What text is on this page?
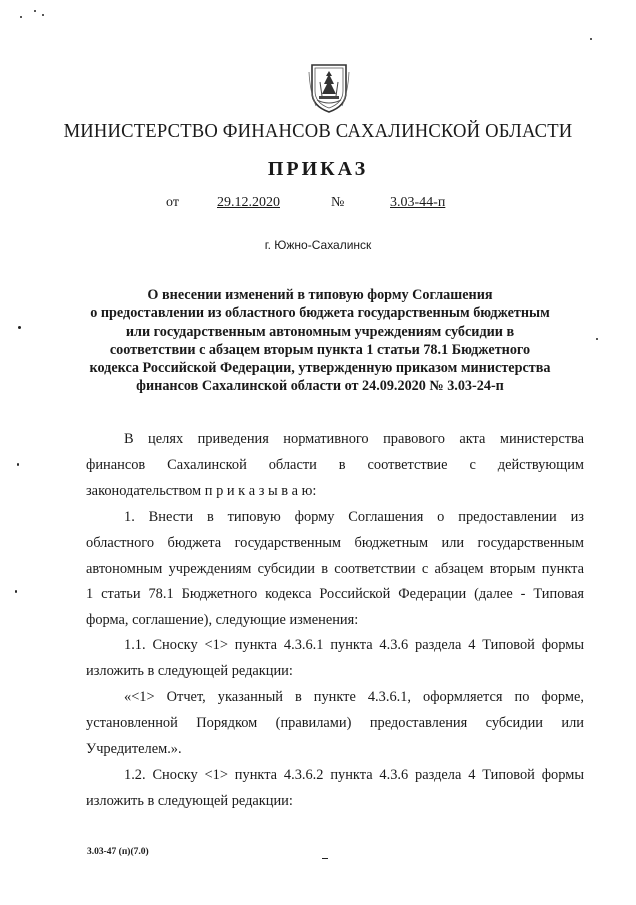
МИНИСТЕРСТВО ФИНАНСОВ САХАЛИНСКОЙ ОБЛАСТИ
ПРИКАЗ
от	29.12.2020	№	3.03-44-п
г. Южно-Сахалинск
О внесении изменений в типовую форму Соглашения
о предоставлении из областного бюджета государственным бюджетным
или государственным автономным учреждениям субсидии в
соответствии с абзацем вторым пункта 1 статьи 78.1 Бюджетного
кодекса Российской Федерации, утвержденную приказом министерства
финансов Сахалинской области от 24.09.2020 № 3.03-24-п
В целях приведения нормативного правового акта министерства
финансов Сахалинской области в соответствие с действующим
законодательством п р и к а з ы в а ю:
1. Внести в типовую форму Соглашения о предоставлении из
областного бюджета государственным бюджетным или государственным
автономным учреждениям субсидии в соответствии с абзацем вторым пункта
1 статьи 78.1 Бюджетного кодекса Российской Федерации (далее - Типовая
форма, соглашение), следующие изменения:
1.1. Сноску <1> пункта 4.3.6.1 пункта 4.3.6 раздела 4 Типовой формы
изложить в следующей редакции:
«<1> Отчет, указанный в пункте 4.3.6.1, оформляется по форме,
установленной Порядком (правилами) предоставления субсидии или
Учредителем.».
1.2. Сноску <1> пункта 4.3.6.2 пункта 4.3.6 раздела 4 Типовой формы
изложить в следующей редакции:
3.03-47 (п)(7.0)
